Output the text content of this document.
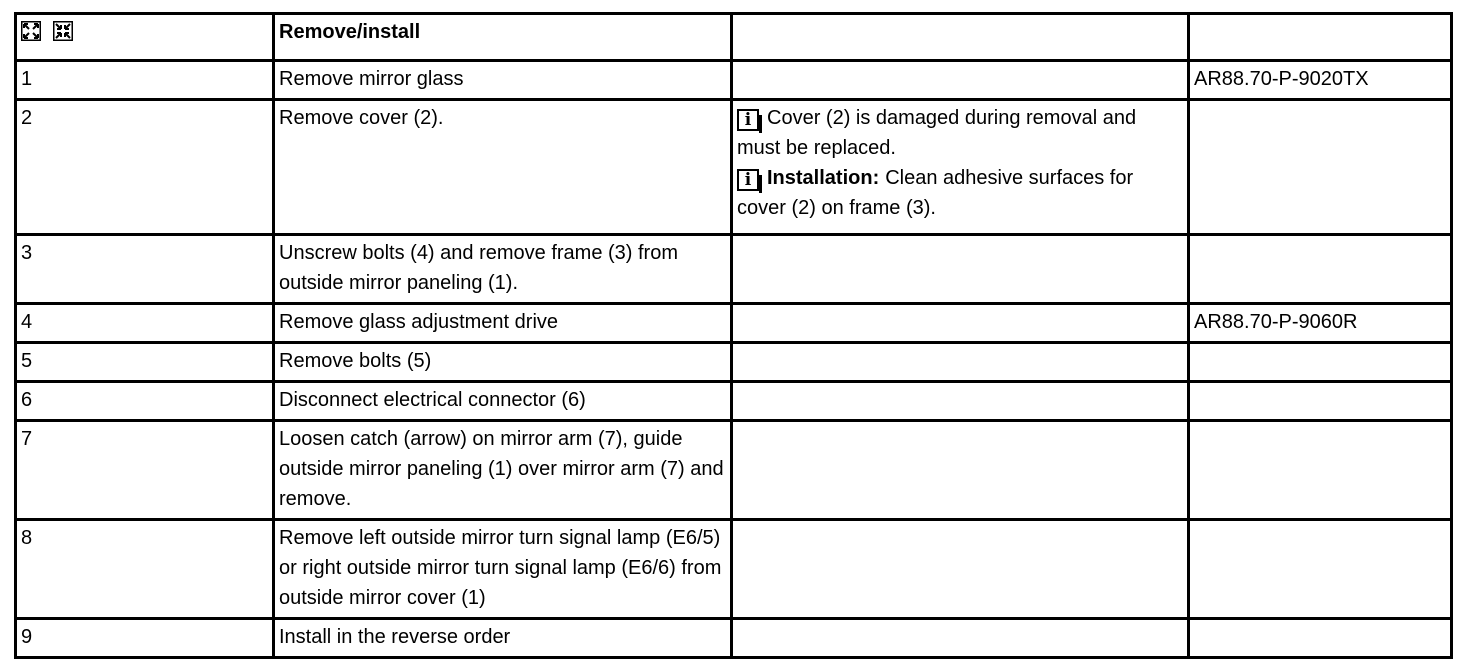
	Remove/install		
1	Remove mirror glass		AR88.70-P-9020TX
2	Remove cover (2).	i Cover (2) is damaged during removal and must be replaced.
i Installation: Clean adhesive surfaces for cover (2) on frame (3).	

3	Unscrew bolts (4) and remove frame (3) from outside mirror paneling (1).		
4	Remove glass adjustment drive		AR88.70-P-9060R
5	Remove bolts (5)		
6	Disconnect electrical connector (6)		
7	Loosen catch (arrow) on mirror arm (7), guide outside mirror paneling (1) over mirror arm (7) and remove.		
8	Remove left outside mirror turn signal lamp (E6/5) or right outside mirror turn signal lamp (E6/6) from outside mirror cover (1)		
9	Install in the reverse order		
